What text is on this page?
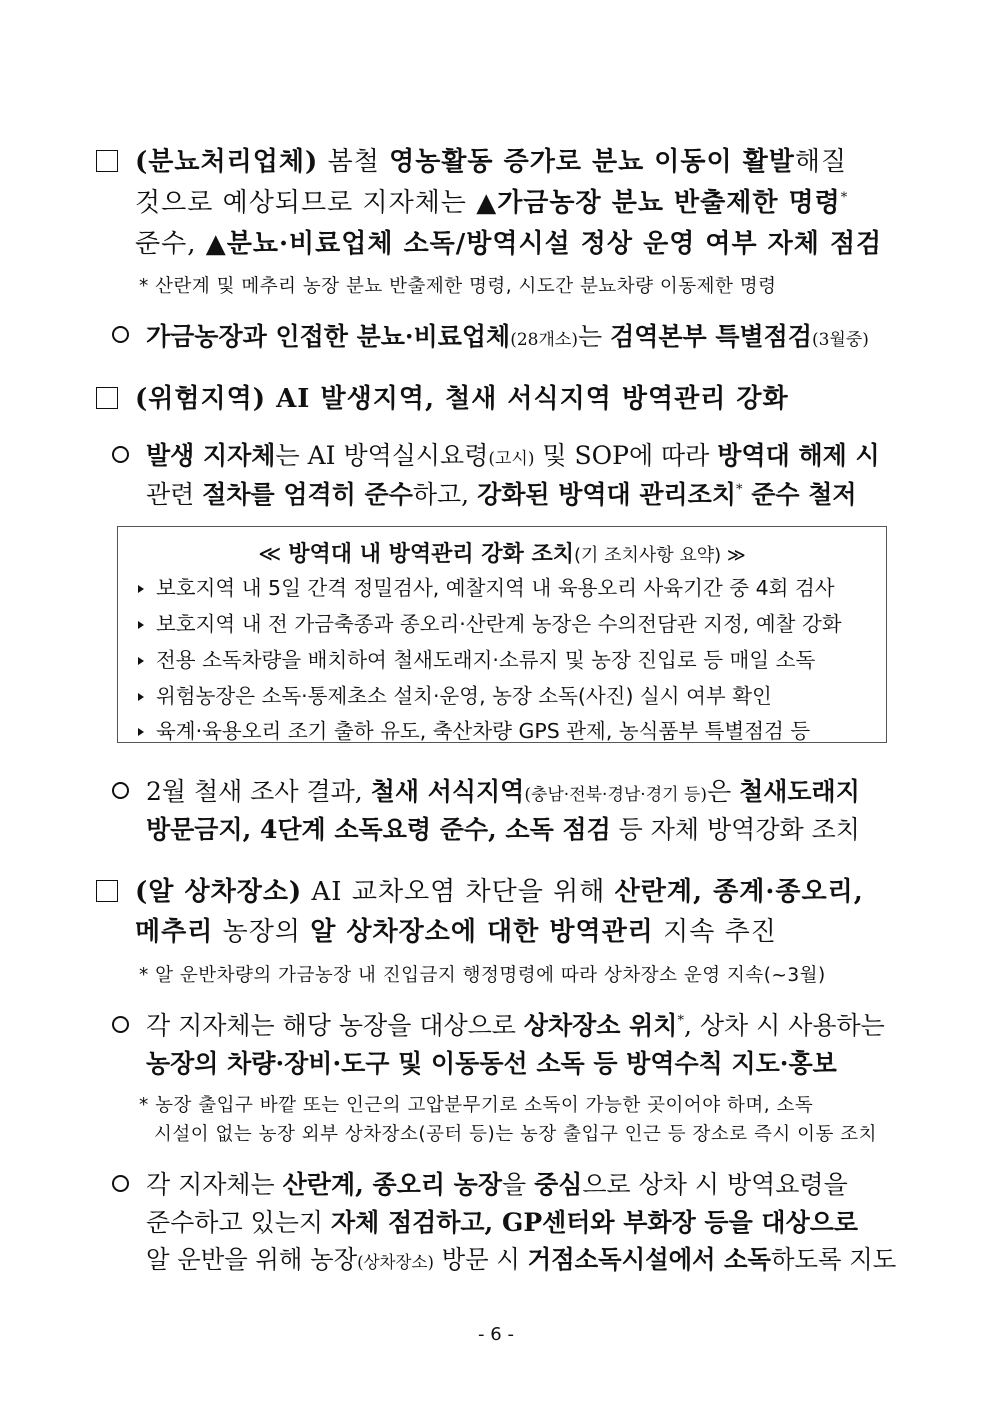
(분뇨처리업체) 봄철 영농활동 증가로 분뇨 이동이 활발해질
것으로 예상되므로 지자체는 ▲가금농장 분뇨 반출제한 명령*
준수, ▲분뇨·비료업체 소독/방역시설 정상 운영 여부 자체 점검
* 산란계 및 메추리 농장 분뇨 반출제한 명령, 시도간 분뇨차량 이동제한 명령
가금농장과 인접한 분뇨·비료업체(28개소)는 검역본부 특별점검(3월중)
(위험지역) AI 발생지역, 철새 서식지역 방역관리 강화
발생 지자체는 AI 방역실시요령(고시) 및 SOP에 따라 방역대 해제 시
관련 절차를 엄격히 준수하고, 강화된 방역대 관리조치* 준수 철저
≪ 방역대 내 방역관리 강화 조치(기 조치사항 요약) ≫
보호지역 내 5일 간격 정밀검사, 예찰지역 내 육용오리 사육기간 중 4회 검사
보호지역 내 전 가금축종과 종오리·산란계 농장은 수의전담관 지정, 예찰 강화
전용 소독차량을 배치하여 철새도래지·소류지 및 농장 진입로 등 매일 소독
위험농장은 소독·통제초소 설치·운영, 농장 소독(사진) 실시 여부 확인
육계·육용오리 조기 출하 유도, 축산차량 GPS 관제, 농식품부 특별점검 등
2월 철새 조사 결과, 철새 서식지역(충남·전북·경남·경기 등)은 철새도래지
방문금지, 4단계 소독요령 준수, 소독 점검 등 자체 방역강화 조치
(알 상차장소) AI 교차오염 차단을 위해 산란계, 종계·종오리,
메추리 농장의 알 상차장소에 대한 방역관리 지속 추진
* 알 운반차량의 가금농장 내 진입금지 행정명령에 따라 상차장소 운영 지속(~3월)
각 지자체는 해당 농장을 대상으로 상차장소 위치*, 상차 시 사용하는
농장의 차량·장비·도구 및 이동동선 소독 등 방역수칙 지도·홍보
* 농장 출입구 바깥 또는 인근의 고압분무기로 소독이 가능한 곳이어야 하며, 소독
시설이 없는 농장 외부 상차장소(공터 등)는 농장 출입구 인근 등 장소로 즉시 이동 조치
각 지자체는 산란계, 종오리 농장을 중심으로 상차 시 방역요령을
준수하고 있는지 자체 점검하고, GP센터와 부화장 등을 대상으로
알 운반을 위해 농장(상차장소) 방문 시 거점소독시설에서 소독하도록 지도
- 6 -
